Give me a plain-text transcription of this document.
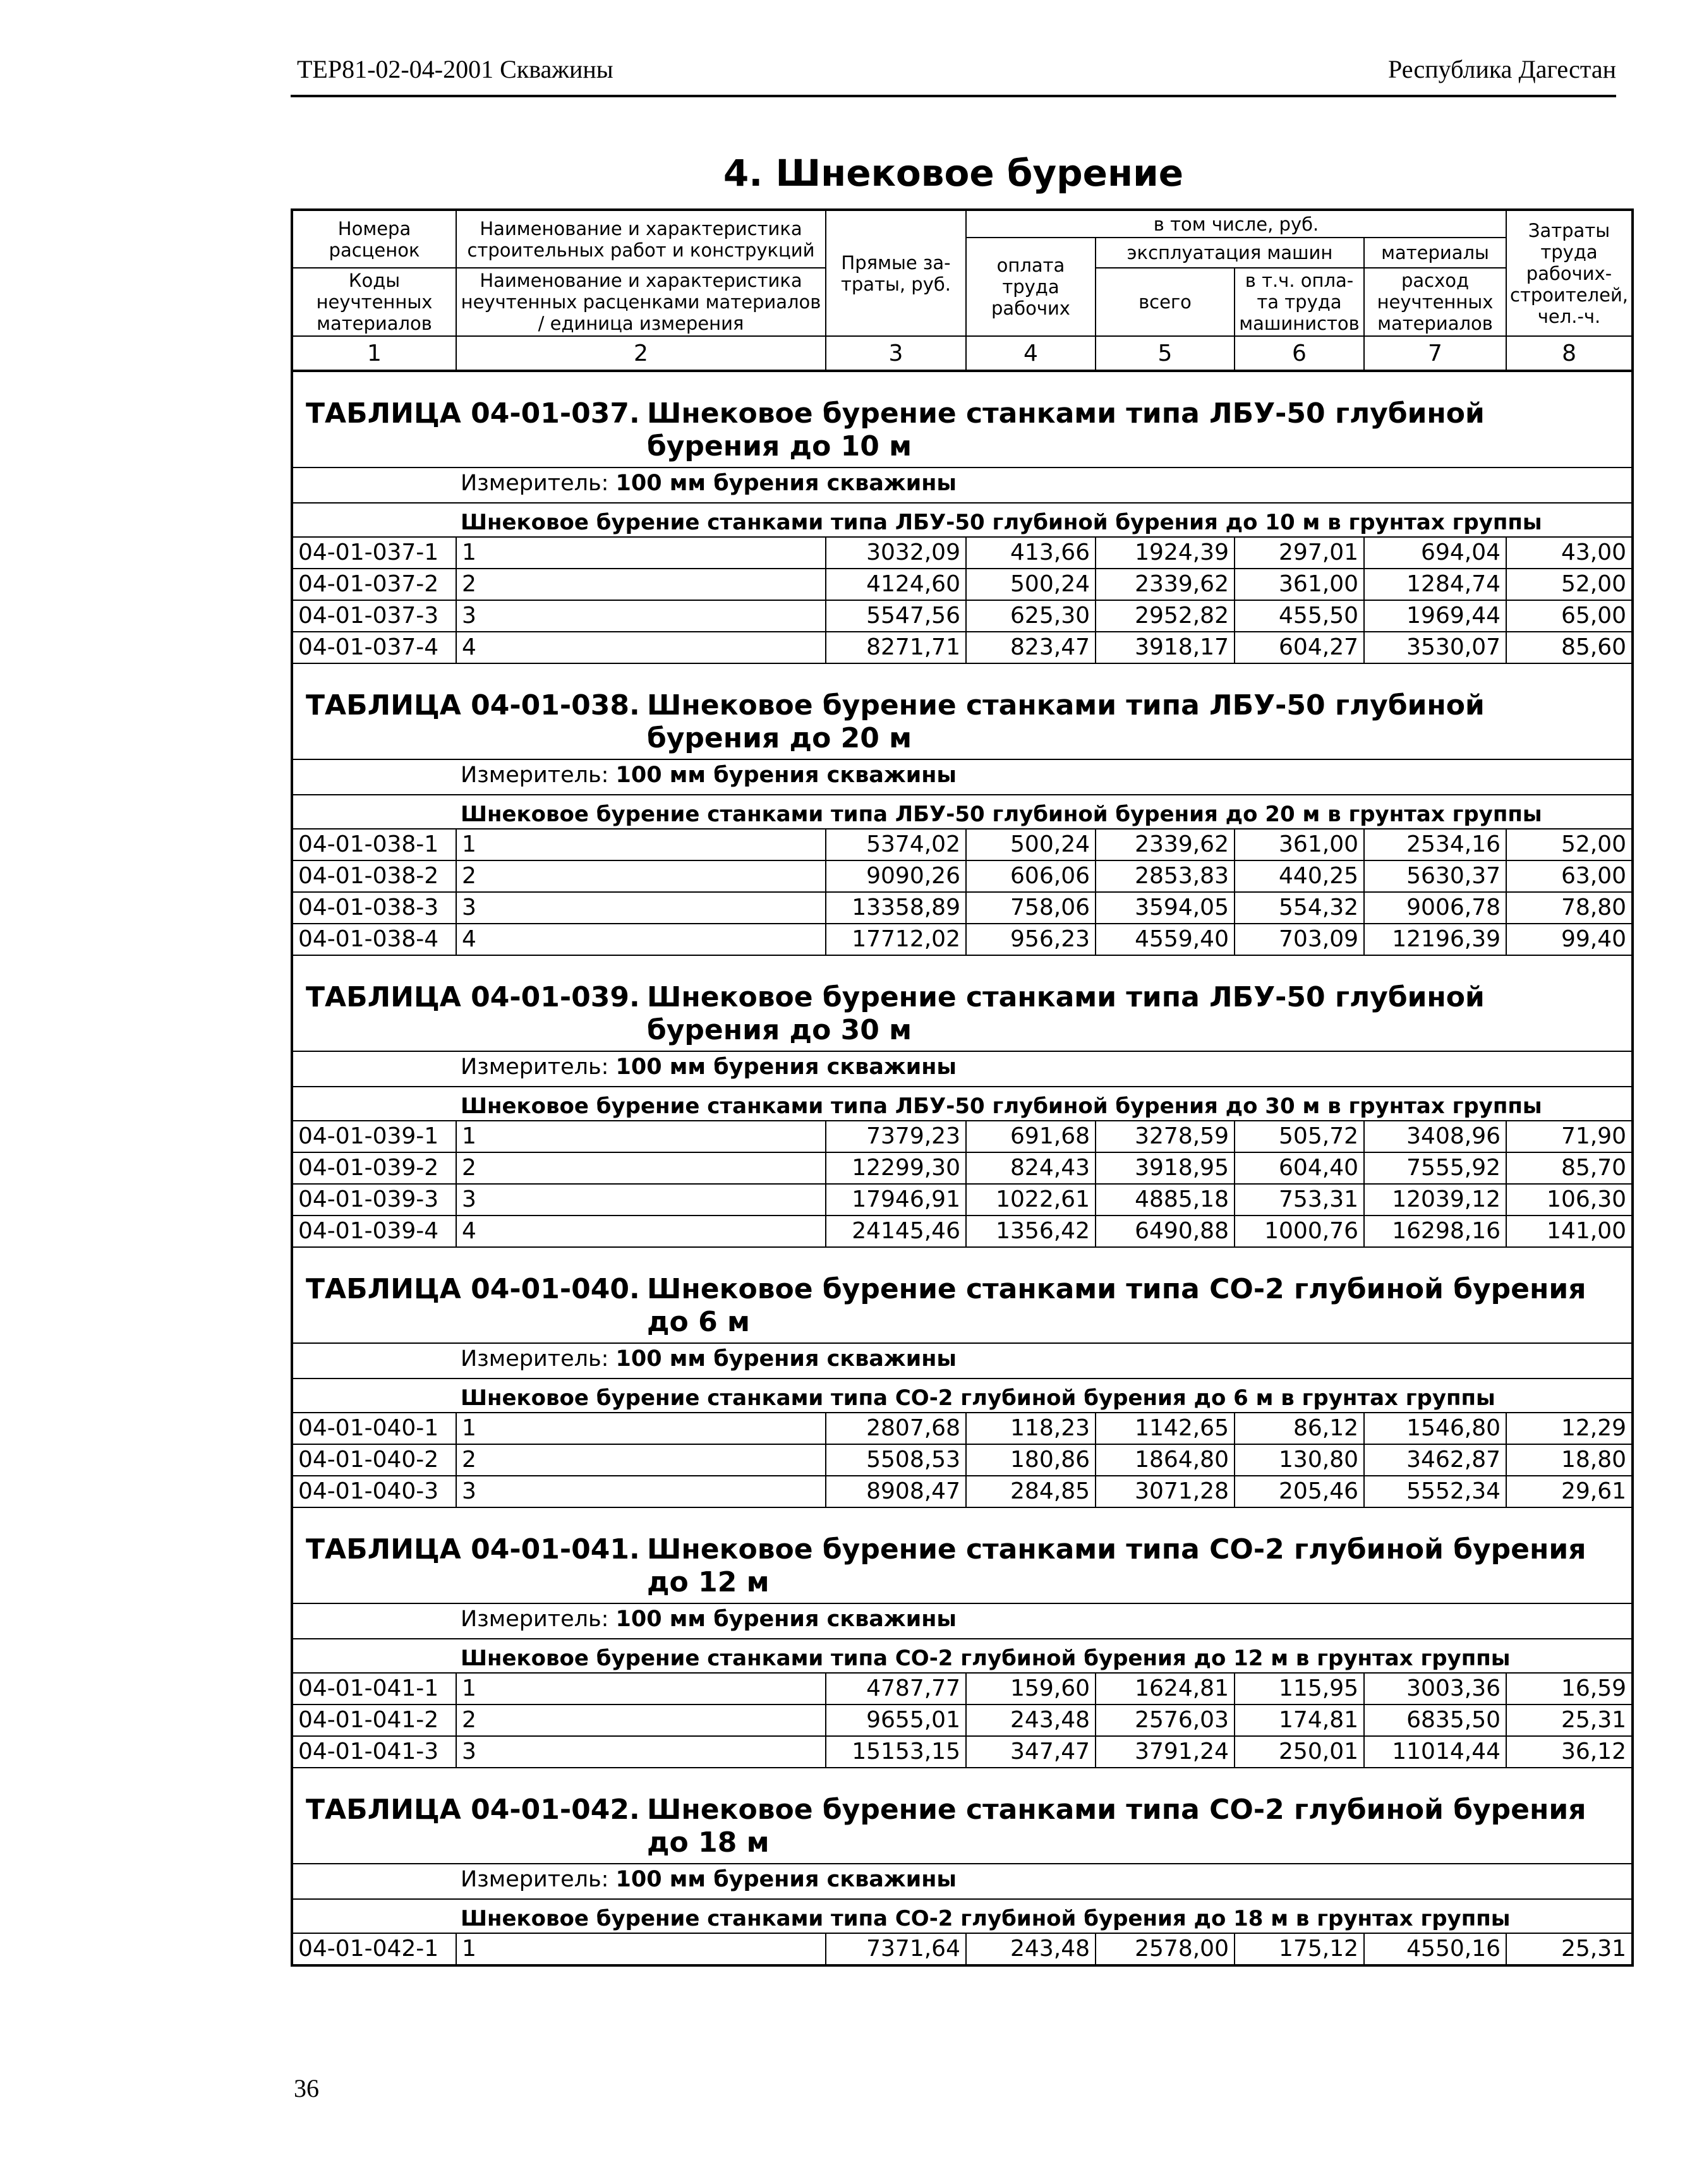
ТЕР81-02-04-2001 Скважины	Республика Дагестан
4. Шнековое бурение
Номера расценок	Наименование и характеристика строительных работ и конструкций	Прямые за-траты, руб.	в том числе, руб.				Затраты труда рабочих-строителей, чел.-ч.
			оплата труда рабочих	эксплуатация машин		материалы	
Коды неучтенных материалов	Наименование и характеристика неучтенных расценками материалов / единица измерения			всего	в т.ч. опла-та труда машинистов	расход неучтенных материалов	

1	2	3	4	5	6	7	8
ТАБЛИЦА 04-01-037. Шнековое бурение станками типа ЛБУ-50 глубиной бурения до 10 м							
Измеритель: 100 мм бурения скважины							
Шнековое бурение станками типа ЛБУ-50 глубиной бурения до 10 м в грунтах группы							
04-01-037-1	1	3032,09	413,66	1924,39	297,01	694,04	43,00
04-01-037-2	2	4124,60	500,24	2339,62	361,00	1284,74	52,00
04-01-037-3	3	5547,56	625,30	2952,82	455,50	1969,44	65,00
04-01-037-4	4	8271,71	823,47	3918,17	604,27	3530,07	85,60
ТАБЛИЦА 04-01-038. Шнековое бурение станками типа ЛБУ-50 глубиной бурения до 20 м							
Измеритель: 100 мм бурения скважины							
Шнековое бурение станками типа ЛБУ-50 глубиной бурения до 20 м в грунтах группы							
04-01-038-1	1	5374,02	500,24	2339,62	361,00	2534,16	52,00
04-01-038-2	2	9090,26	606,06	2853,83	440,25	5630,37	63,00
04-01-038-3	3	13358,89	758,06	3594,05	554,32	9006,78	78,80
04-01-038-4	4	17712,02	956,23	4559,40	703,09	12196,39	99,40
ТАБЛИЦА 04-01-039. Шнековое бурение станками типа ЛБУ-50 глубиной бурения до 30 м							
Измеритель: 100 мм бурения скважины							
Шнековое бурение станками типа ЛБУ-50 глубиной бурения до 30 м в грунтах группы							
04-01-039-1	1	7379,23	691,68	3278,59	505,72	3408,96	71,90
04-01-039-2	2	12299,30	824,43	3918,95	604,40	7555,92	85,70
04-01-039-3	3	17946,91	1022,61	4885,18	753,31	12039,12	106,30
04-01-039-4	4	24145,46	1356,42	6490,88	1000,76	16298,16	141,00
ТАБЛИЦА 04-01-040. Шнековое бурение станками типа СО-2 глубиной бурения до 6 м							
Измеритель: 100 мм бурения скважины							
Шнековое бурение станками типа СО-2 глубиной бурения до 6 м в грунтах группы							
04-01-040-1	1	2807,68	118,23	1142,65	86,12	1546,80	12,29
04-01-040-2	2	5508,53	180,86	1864,80	130,80	3462,87	18,80
04-01-040-3	3	8908,47	284,85	3071,28	205,46	5552,34	29,61
ТАБЛИЦА 04-01-041. Шнековое бурение станками типа СО-2 глубиной бурения до 12 м							
Измеритель: 100 мм бурения скважины							
Шнековое бурение станками типа СО-2 глубиной бурения до 12 м в грунтах группы							
04-01-041-1	1	4787,77	159,60	1624,81	115,95	3003,36	16,59
04-01-041-2	2	9655,01	243,48	2576,03	174,81	6835,50	25,31
04-01-041-3	3	15153,15	347,47	3791,24	250,01	11014,44	36,12
ТАБЛИЦА 04-01-042. Шнековое бурение станками типа СО-2 глубиной бурения до 18 м							
Измеритель: 100 мм бурения скважины							
Шнековое бурение станками типа СО-2 глубиной бурения до 18 м в грунтах группы							
04-01-042-1	1	7371,64	243,48	2578,00	175,12	4550,16	25,31
36
